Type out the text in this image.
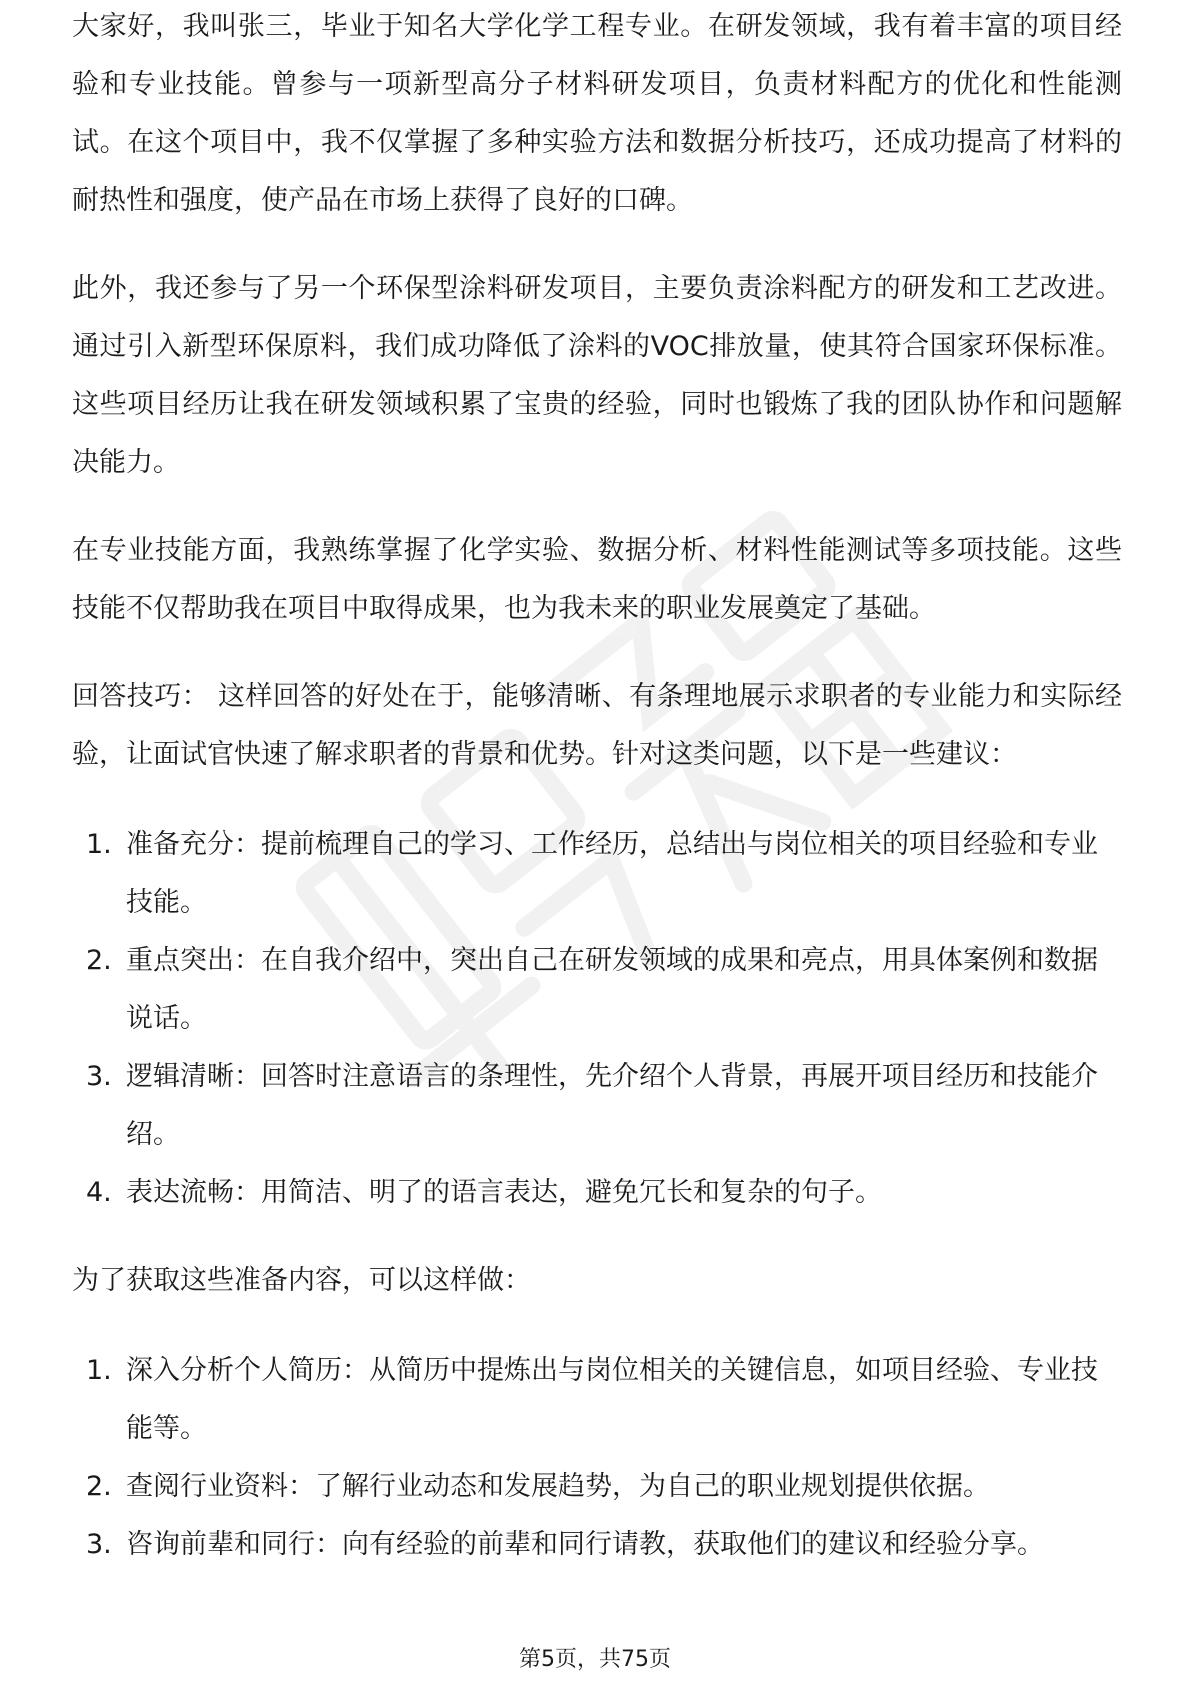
大家好，我叫张三，毕业于知名大学化学工程专业。在研发领域，我有着丰富的项目经验和专业技能。曾参与一项新型高分子材料研发项目，负责材料配方的优化和性能测试。在这个项目中，我不仅掌握了多种实验方法和数据分析技巧，还成功提高了材料的耐热性和强度，使产品在市场上获得了良好的口碑。

此外，我还参与了另一个环保型涂料研发项目，主要负责涂料配方的研发和工艺改进。通过引入新型环保原料，我们成功降低了涂料的VOC排放量，使其符合国家环保标准。这些项目经历让我在研发领域积累了宝贵的经验，同时也锻炼了我的团队协作和问题解决能力。

在专业技能方面，我熟练掌握了化学实验、数据分析、材料性能测试等多项技能。这些技能不仅帮助我在项目中取得成果，也为我未来的职业发展奠定了基础。

回答技巧： 这样回答的好处在于，能够清晰、有条理地展示求职者的专业能力和实际经验，让面试官快速了解求职者的背景和优势。针对这类问题，以下是一些建议：

1. 准备充分：提前梳理自己的学习、工作经历，总结出与岗位相关的项目经验和专业技能。
2. 重点突出：在自我介绍中，突出自己在研发领域的成果和亮点，用具体案例和数据说话。
3. 逻辑清晰：回答时注意语言的条理性，先介绍个人背景，再展开项目经历和技能介绍。
4. 表达流畅：用简洁、明了的语言表达，避免冗长和复杂的句子。

为了获取这些准备内容，可以这样做：

1. 深入分析个人简历：从简历中提炼出与岗位相关的关键信息，如项目经验、专业技能等。
2. 查阅行业资料：了解行业动态和发展趋势，为自己的职业规划提供依据。
3. 咨询前辈和同行：向有经验的前辈和同行请教，获取他们的建议和经验分享。
第5页，共75页
